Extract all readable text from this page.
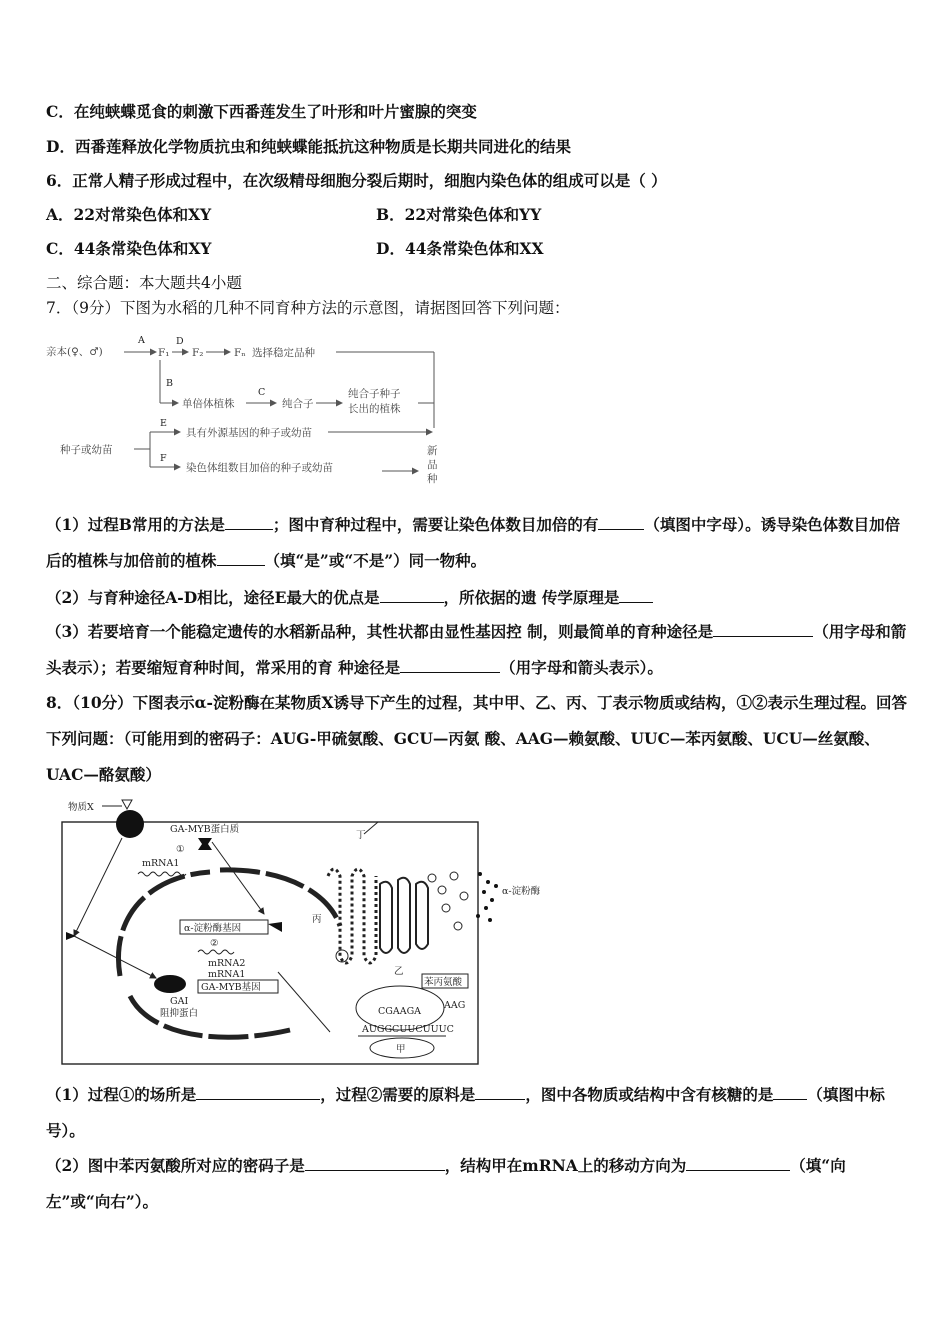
C．在纯蛱蝶觅食的刺激下西番莲发生了叶形和叶片蜜腺的突变
D．西番莲释放化学物质抗虫和纯蛱蝶能抵抗这种物质是长期共同进化的结果
6．正常人精子形成过程中，在次级精母细胞分裂后期时，细胞内染色体的组成可以是（ ）
A．22对常染色体和XY	B．22对常染色体和YY
C．44条常染色体和XY	D．44条常染色体和XX
二、综合题：本大题共4小题
7．（9分）下图为水稻的几种不同育种方法的示意图，请据图回答下列问题：
亲本(♀、♂)
A
F₁
D
F₂	Fₙ 选择稳定品种
B
单倍体植株
C
纯合子
纯合子种子
长出的植株
种子或幼苗
E
具有外源基因的种子或幼苗
F
染色体组数目加倍的种子或幼苗
新
品
种
（1）过程B常用的方法是	；图中育种过程中，需要让染色体数目加倍的有	（填图中字母）。诱导染色体数目加倍后的植株与加倍前的植株	（填“是”或“不是”）同一物种。
（2）与育种途径A-D相比，途径E最大的优点是	，所依据的遗 传学原理是
（3）若要培育一个能稳定遗传的水稻新品种，其性状都由显性基因控 制，则最简单的育种途径是	（用字母和箭头表示）；若要缩短育种时间，常采用的育 种途径是	（用字母和箭头表示）。
8．（10分）下图表示α-淀粉酶在某物质X诱导下产生的过程，其中甲、乙、丙、丁表示物质或结构，①②表示生理过程。回答下列问题：（可能用到的密码子：AUG-甲硫氨酸、GCU—丙氨 酸、AAG—赖氨酸、UUC—苯丙氨酸、UCU—丝氨酸、UAC—酪氨酸）
物质X
GA-MYB蛋白质
①
mRNA1
α-淀粉酶基因
②
mRNA2
mRNA1
GA-MYB基因
GAI
阻抑蛋白
丙
乙
丁
α-淀粉酶
苯丙氨酸
AAG
CGAAGA
AUGGCUUCUUUC
甲
（1）过程①的场所是	，过程②需要的原料是	，图中各物质或结构中含有核糖的是 （填图中标号）。
（2）图中苯丙氨酸所对应的密码子是	，结构甲在mRNA上的移动方向为	（填“向左”或“向右”）。
